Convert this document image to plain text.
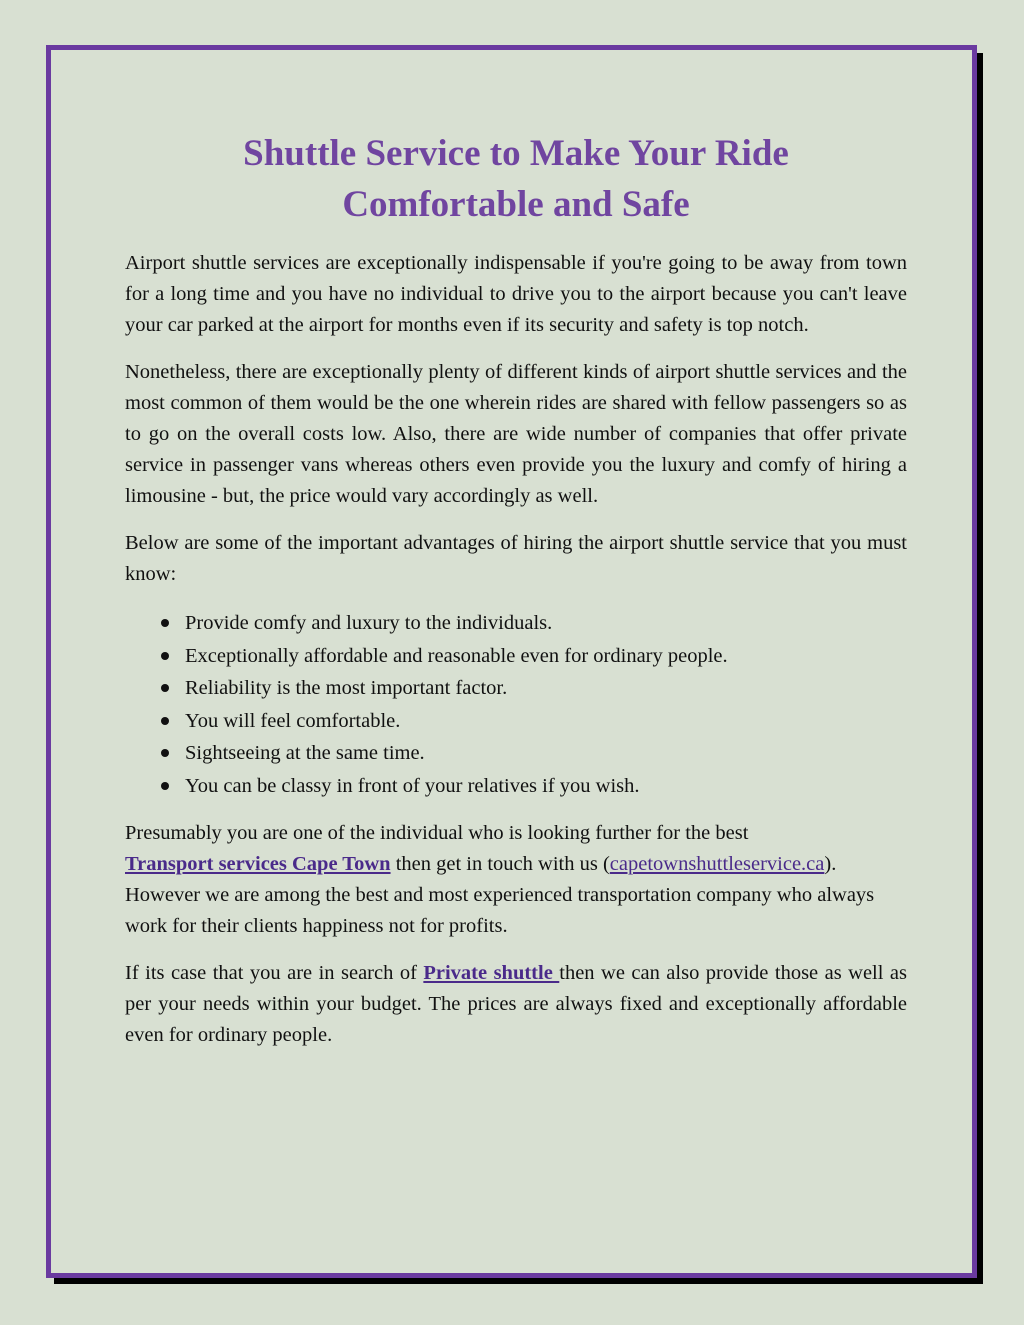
Shuttle Service to Make Your Ride
Comfortable and Safe

Airport shuttle services are exceptionally indispensable if you're going to be away from town for a long time and you have no individual to drive you to the airport because you can't leave your car parked at the airport for months even if its security and safety is top notch.

Nonetheless, there are exceptionally plenty of different kinds of airport shuttle services and the most common of them would be the one wherein rides are shared with fellow passengers so as to go on the overall costs low. Also, there are wide number of companies that offer private service in passenger vans whereas others even provide you the luxury and comfy of hiring a limousine - but, the price would vary accordingly as well.

Below are some of the important advantages of hiring the airport shuttle service that you must know:

Provide comfy and luxury to the individuals.
Exceptionally affordable and reasonable even for ordinary people.
Reliability is the most important factor.
You will feel comfortable.
Sightseeing at the same time.
You can be classy in front of your relatives if you wish.

Presumably you are one of the individual who is looking further for the best
Transport services Cape Town then get in touch with us (capetownshuttleservice.ca). However we are among the best and most experienced transportation company who always work for their clients happiness not for profits.

If its case that you are in search of Private shuttle then we can also provide those as well as per your needs within your budget. The prices are always fixed and exceptionally affordable even for ordinary people.
